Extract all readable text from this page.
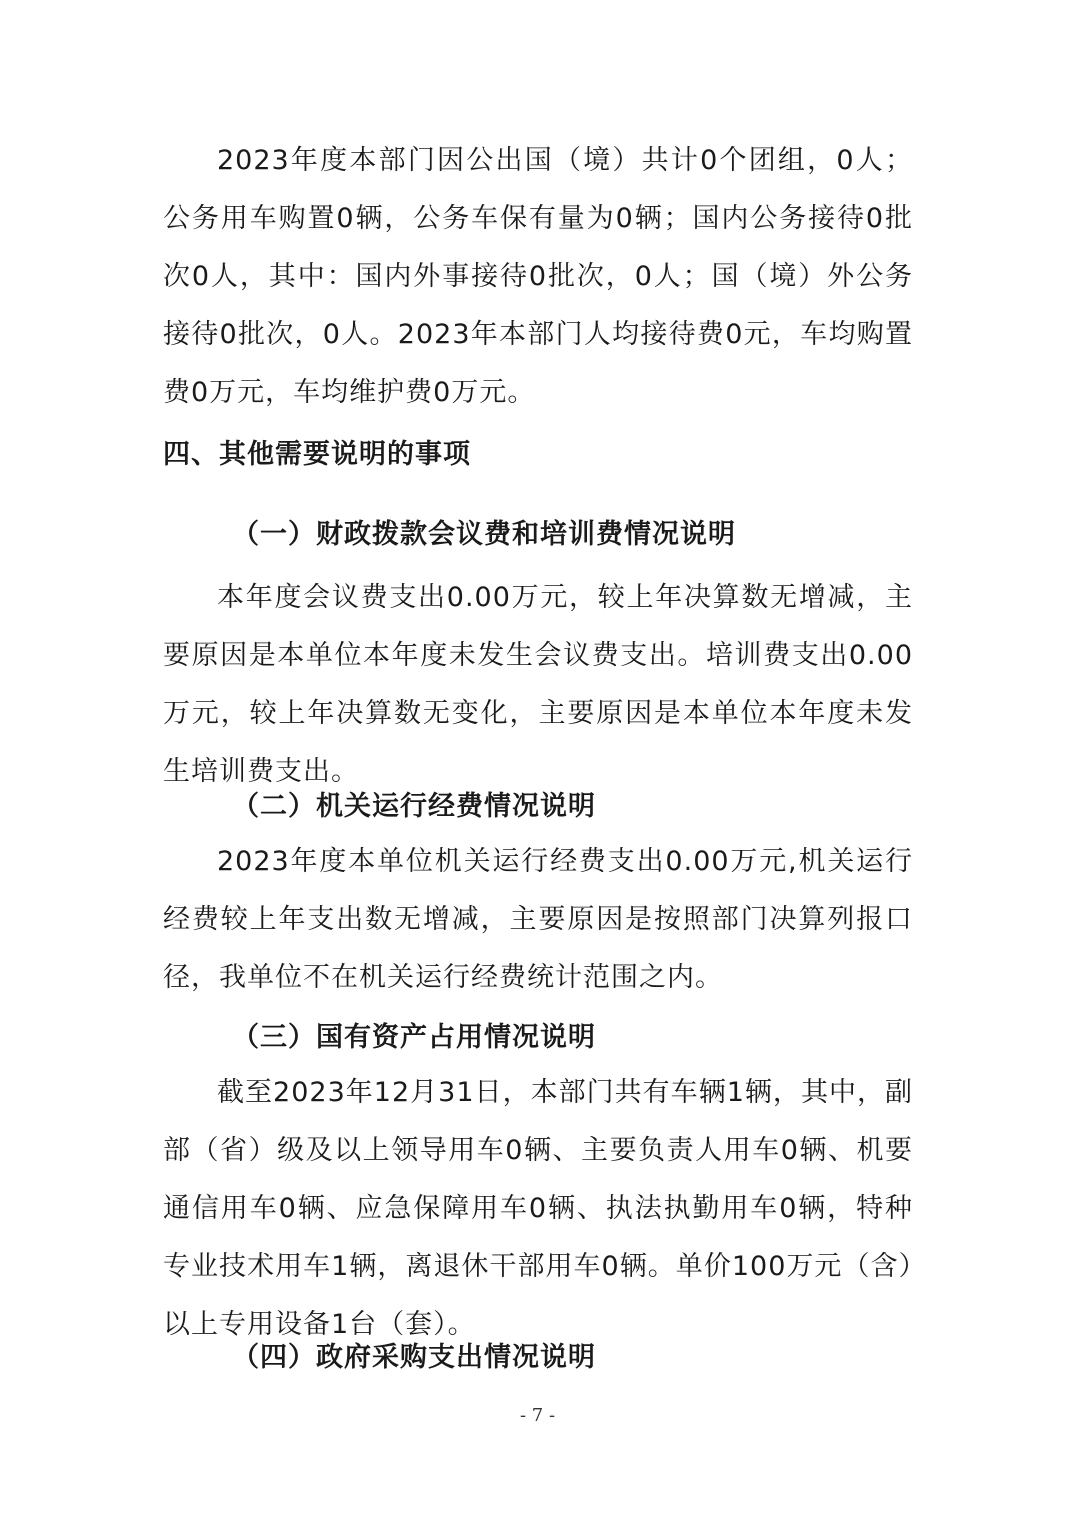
2023年度本部门因公出国（境）共计0个团组，0人；公务用车购置0辆，公务车保有量为0辆；国内公务接待0批次0人，其中：国内外事接待0批次，0人；国（境）外公务接待0批次，0人。2023年本部门人均接待费0元，车均购置费0万元，车均维护费0万元。

四、其他需要说明的事项
（一）财政拨款会议费和培训费情况说明

本年度会议费支出0.00万元，较上年决算数无增减，主要原因是本单位本年度未发生会议费支出。培训费支出0.00万元，较上年决算数无变化，主要原因是本单位本年度未发生培训费支出。

（二）机关运行经费情况说明

2023年度本单位机关运行经费支出0.00万元,机关运行经费较上年支出数无增减，主要原因是按照部门决算列报口径，我单位不在机关运行经费统计范围之内。

（三）国有资产占用情况说明

截至2023年12月31日，本部门共有车辆1辆，其中，副部（省）级及以上领导用车0辆、主要负责人用车0辆、机要通信用车0辆、应急保障用车0辆、执法执勤用车0辆，特种专业技术用车1辆，离退休干部用车0辆。单价100万元（含）以上专用设备1台（套）。

（四）政府采购支出情况说明
- 7 -
